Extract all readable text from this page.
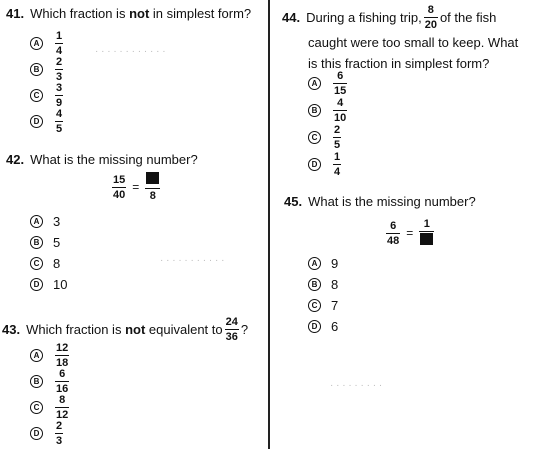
· · · · · · · · · · · ·
· · · · · · · · · · ·
· · · · · · · · ·
41. Which fraction is not in simplest form?
A	$\frac{1}{4}$
B	$\frac{2}{3}$
C	$\frac{3}{9}$
D	$\frac{4}{5}$
42. What is the missing number?
$\frac{15}{40}$ =
8
A 3
B 5
C 8
D 10
43. Which fraction is not equivalent to $\frac{24}{36}$ ?
A	$\frac{12}{18}$
B	$\frac{6}{16}$
C	$\frac{8}{12}$
D	$\frac{2}{3}$
44. During a fishing trip, $\frac{8}{20}$ of the fish
caught were too small to keep. What
is this fraction in simplest form?
A	$\frac{6}{15}$
B	$\frac{4}{10}$
C	$\frac{2}{5}$
D	$\frac{1}{4}$
45. What is the missing number?
$\frac{6}{48}$ =
1
A 9
B 8
C 7
D 6
